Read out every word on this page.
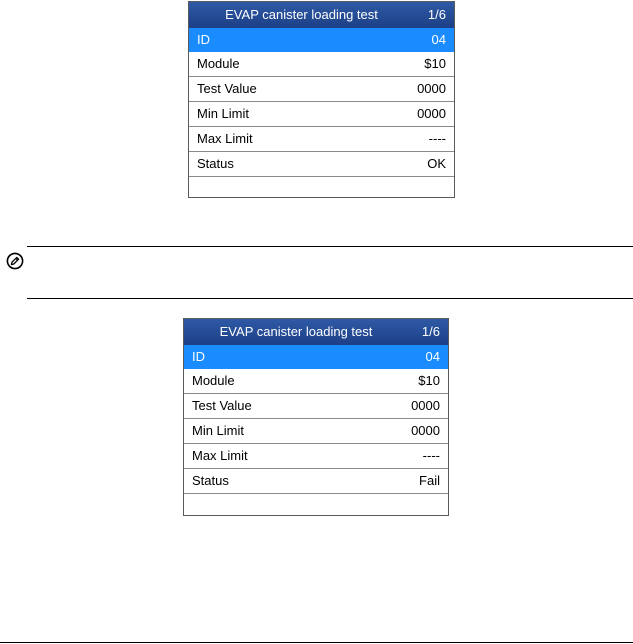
EVAP canister loading test	1/6
ID	04
Module	$10
Test Value	0000
Min Limit	0000
Max Limit	----
Status	OK
EVAP canister loading test	1/6
ID	04
Module	$10
Test Value	0000
Min Limit	0000
Max Limit	----
Status	Fail
